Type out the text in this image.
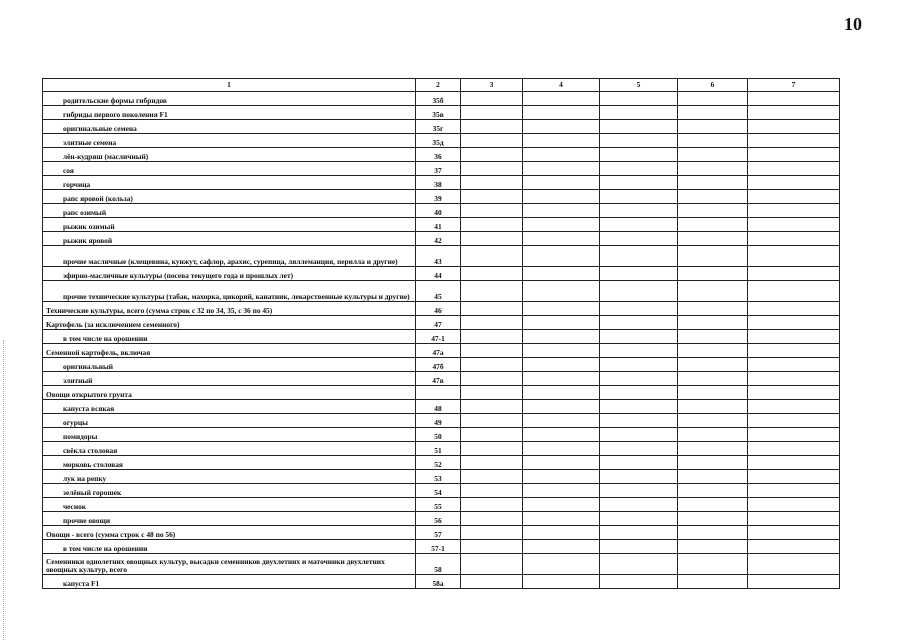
10
1	2	3	4	5	6	7
родительские формы гибридов	35б					
гибриды первого поколения F1	35в					
оригинальные семена	35г					
элитные семена	35д					
лён-кудряш (масличный)	36					
соя	37					
горчица	38					
рапс яровой (кольза)	39					
рапс озимый	40					
рыжик озимый	41					
рыжик яровой	42					
прочие масличные (клещевина, кунжут, сафлор, арахис, сурепица, ляллеманция, перилла и другие)	43					
эфирно-масличные культуры (посева текущего года и прошлых лет)	44					
прочие технические культуры (табак, махорка, цикорий, канатник, лекарственные культуры и другие)	45					
Технические культуры, всего (сумма строк с 32 по 34, 35, с 36 по 45)	46					
Картофель (за исключением семенного)	47					
в том числе на орошении	47-1					
Семенной картофель, включая	47а					
оригинальный	47б					
элитный	47в					
Овощи открытого грунта						
капуста всякая	48					
огурцы	49					
помидоры	50					
свёкла столовая	51					
морковь столовая	52					
лук на репку	53					
зелёный горошек	54					
чеснок	55					
прочие овощи	56					
Овощи - всего (сумма строк с 48 по 56)	57					
в том числе на орошении	57-1					
Семенники однолетних овощных культур, высадки семенников двухлетних и маточники двухлетних овощных культур, всего	58					
капуста F1	58а					
